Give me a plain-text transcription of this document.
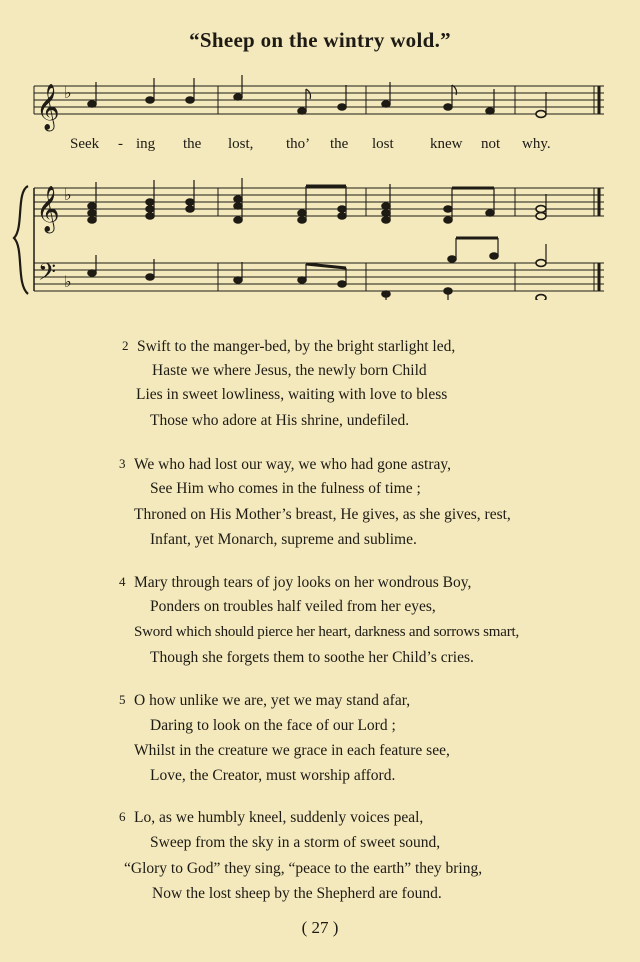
“Sheep on the wintry wold.”
𝄞
𝄞
𝄢
♭
♭
♭
Seek - ing the lost, tho’ the lost knew not why.
2 Swift to the manger-bed, by the bright starlight led,
Haste we where Jesus, the newly born Child
Lies in sweet lowliness, waiting with love to bless
Those who adore at His shrine, undefiled.
3 We who had lost our way, we who had gone astray,
See Him who comes in the fulness of time ;
Throned on His Mother’s breast, He gives, as she gives, rest,
Infant, yet Monarch, supreme and sublime.
4 Mary through tears of joy looks on her wondrous Boy,
Ponders on troubles half veiled from her eyes,
Sword which should pierce her heart, darkness and sorrows smart,
Though she forgets them to soothe her Child’s cries.
5 O how unlike we are, yet we may stand afar,
Daring to look on the face of our Lord ;
Whilst in the creature we grace in each feature see,
Love, the Creator, must worship afford.
6 Lo, as we humbly kneel, suddenly voices peal,
Sweep from the sky in a storm of sweet sound,
“Glory to God” they sing, “peace to the earth” they bring,
Now the lost sheep by the Shepherd are found.
( 27 )
